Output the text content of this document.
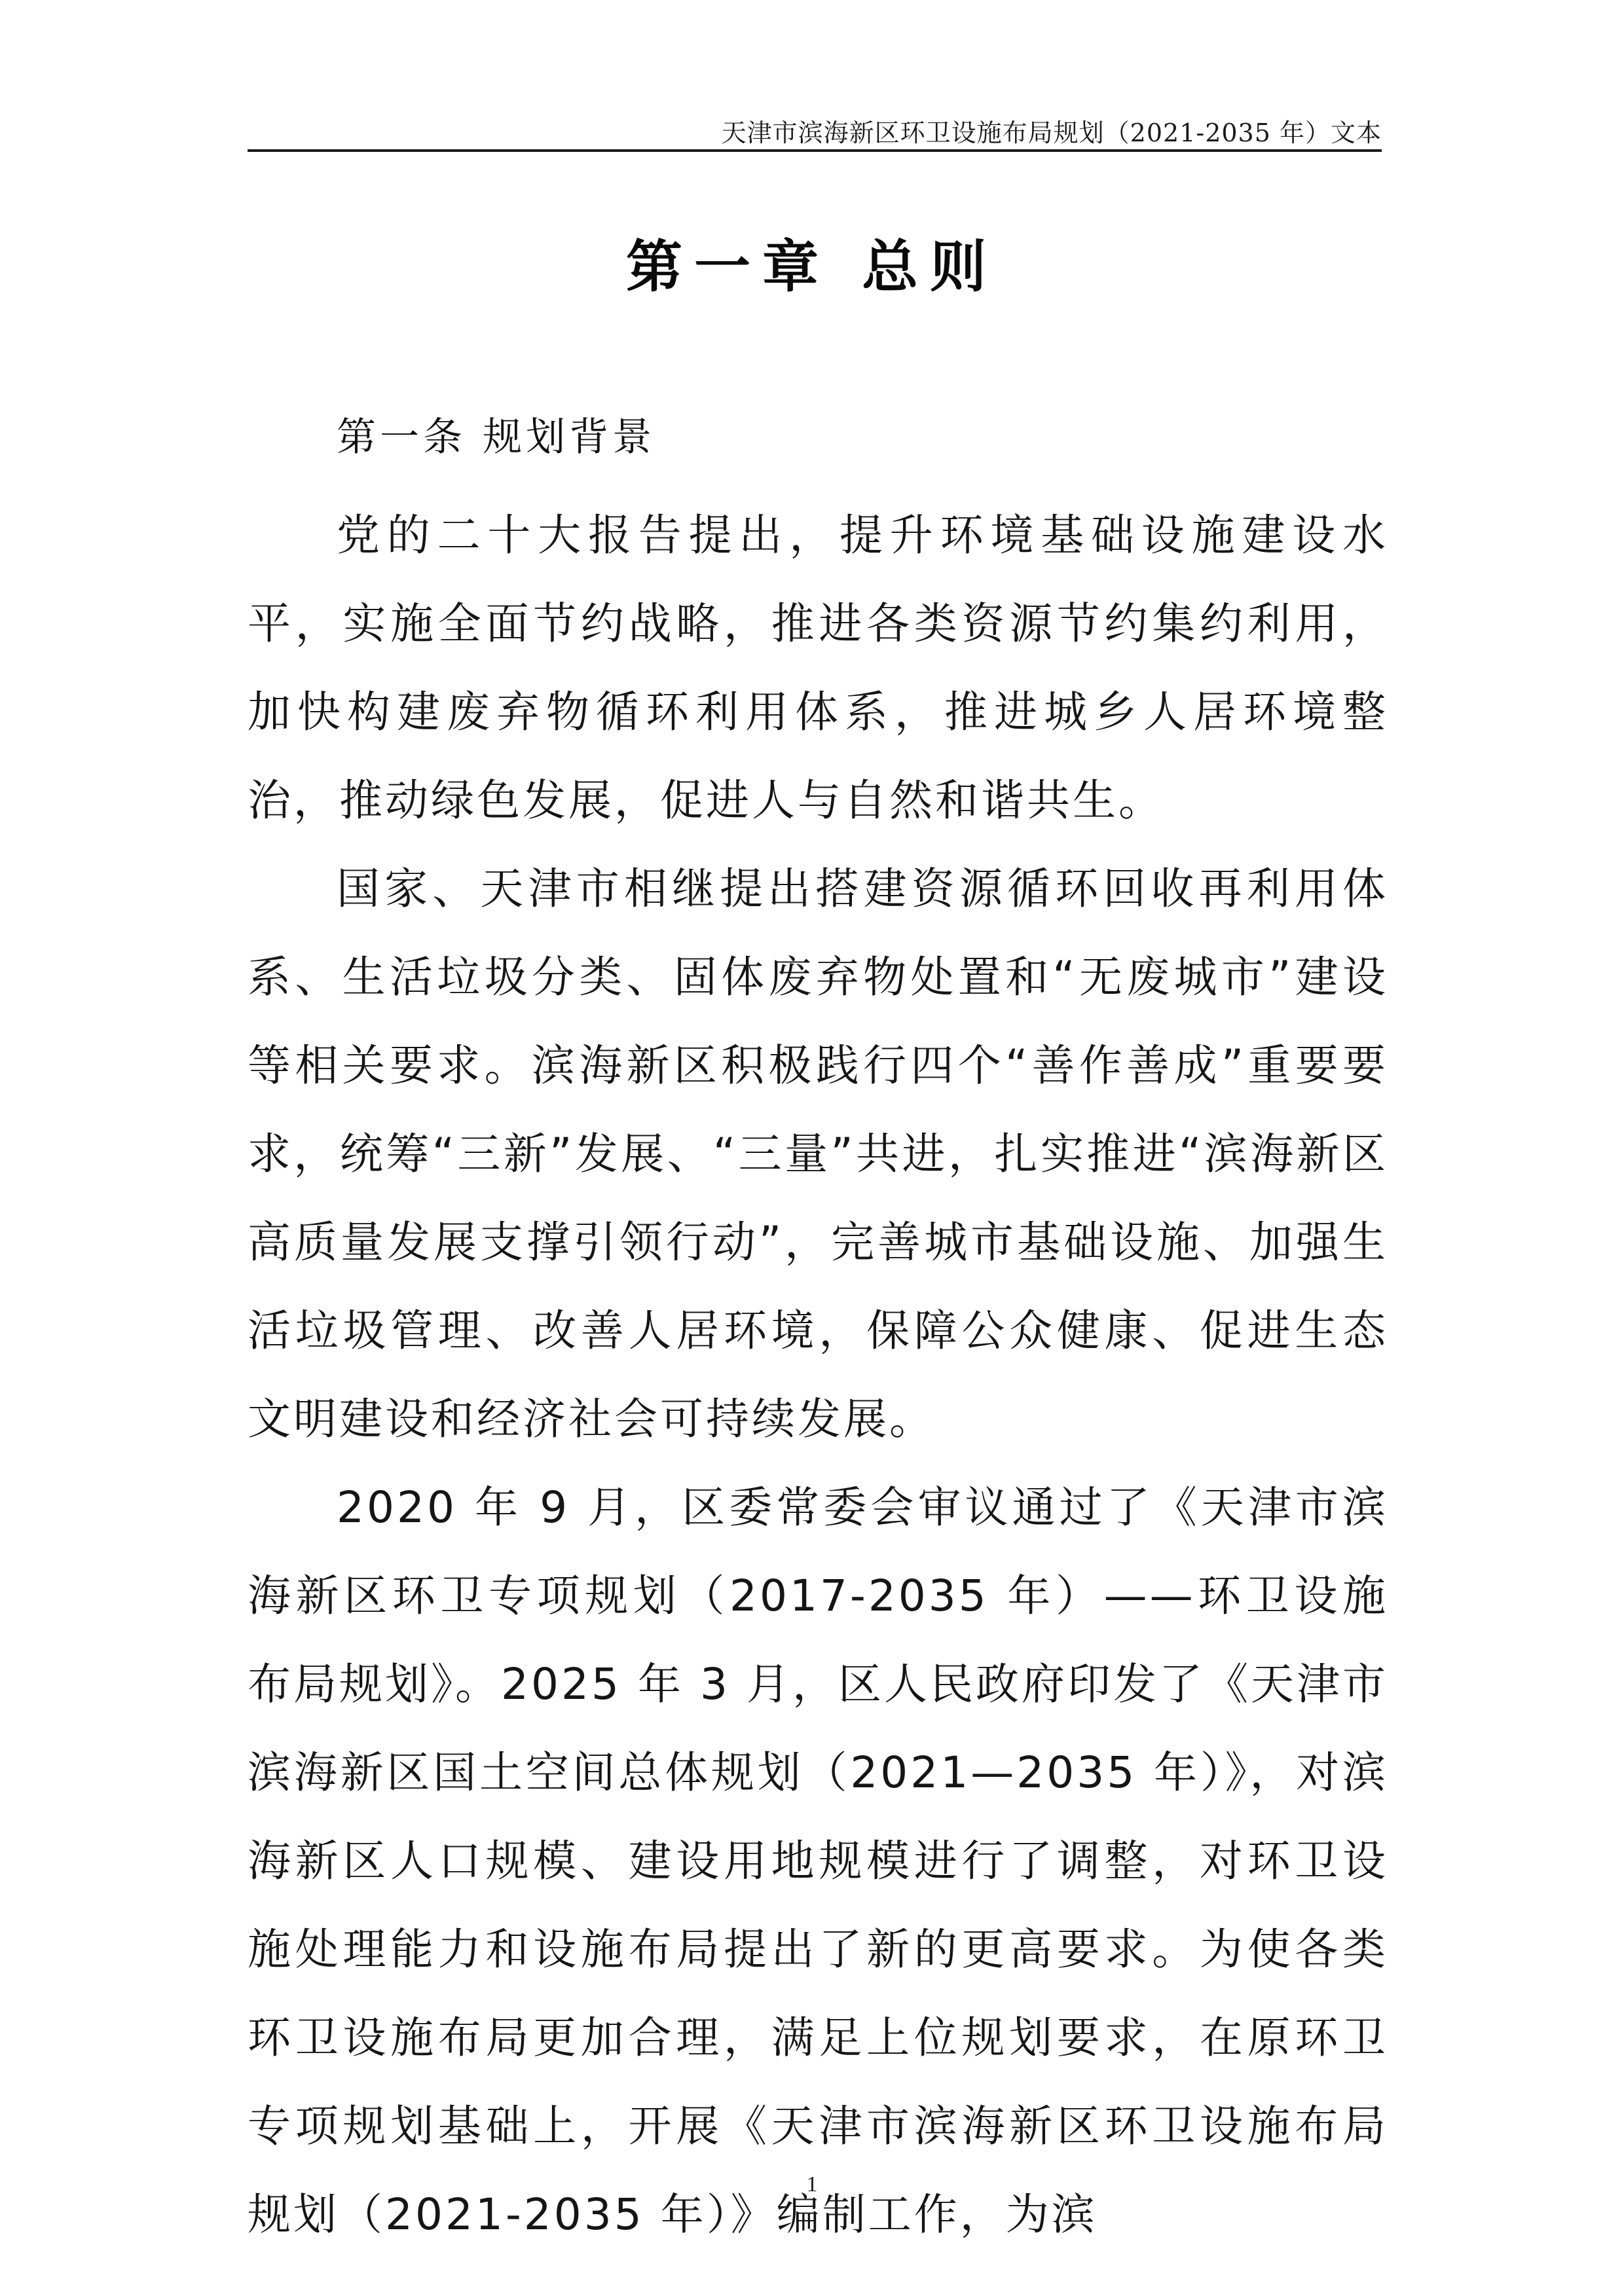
天津市滨海新区环卫设施布局规划（2021-2035 年）文本
第一章 总则
第一条 规划背景

党的二十大报告提出，提升环境基础设施建设水平，实施全面节约战略，推进各类资源节约集约利用，加快构建废弃物循环利用体系，推进城乡人居环境整治，推动绿色发展，促进人与自然和谐共生。

国家、天津市相继提出搭建资源循环回收再利用体系、生活垃圾分类、固体废弃物处置和“无废城市”建设等相关要求。滨海新区积极践行四个“善作善成”重要要求，统筹“三新”发展、“三量”共进，扎实推进“滨海新区高质量发展支撑引领行动”，完善城市基础设施、加强生活垃圾管理、改善人居环境，保障公众健康、促进生态文明建设和经济社会可持续发展。

2020 年 9 月，区委常委会审议通过了《天津市滨海新区环卫专项规划（2017-2035 年）——环卫设施布局规划》。2025 年 3 月，区人民政府印发了《天津市滨海新区国土空间总体规划（2021—2035 年）》，对滨海新区人口规模、建设用地规模进行了调整，对环卫设施处理能力和设施布局提出了新的更高要求。为使各类环卫设施布局更加合理，满足上位规划要求，在原环卫专项规划基础上，开展《天津市滨海新区环卫设施布局规划（2021-2035 年）》编制工作，为滨

1
